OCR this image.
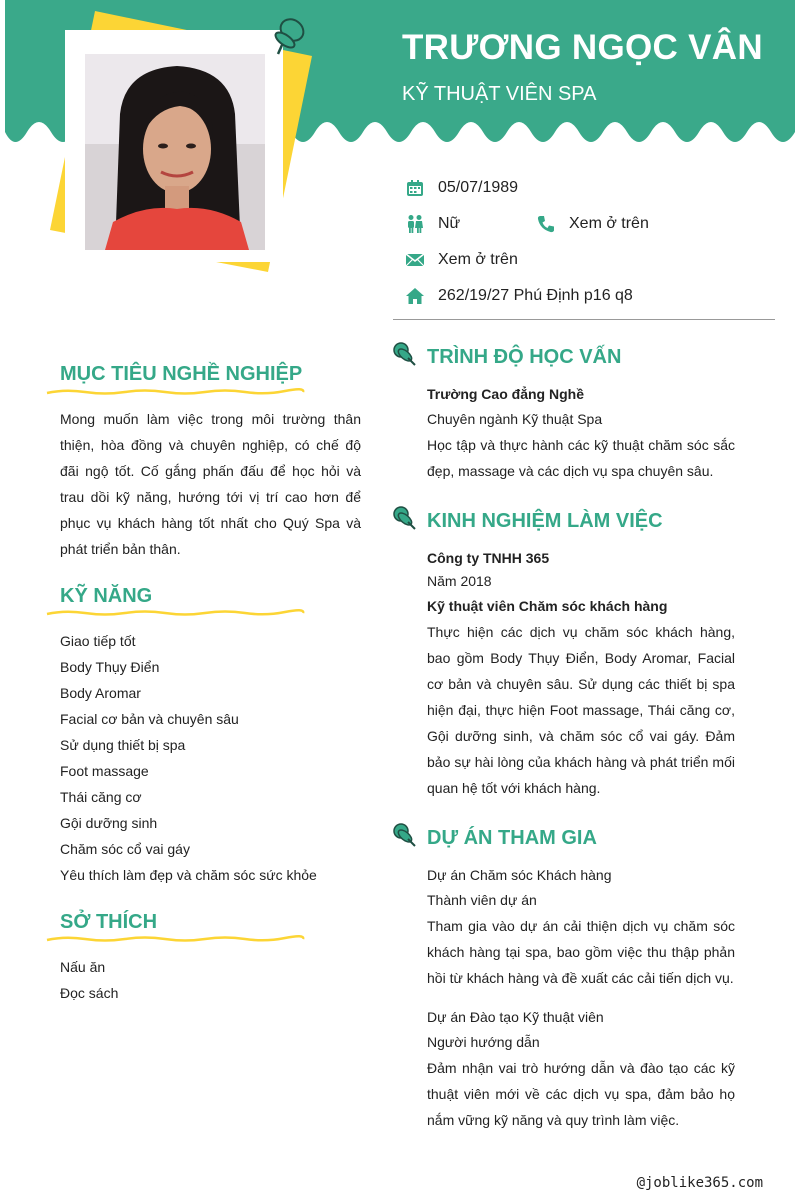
TRƯƠNG NGỌC VÂN
KỸ THUẬT VIÊN SPA
05/07/1989
Nữ	Xem ở trên
Xem ở trên
262/19/27 Phú Định p16 q8
MỤC TIÊU NGHỀ NGHIỆP
Mong muốn làm việc trong môi trường thân thiện, hòa đồng và chuyên nghiệp, có chế độ đãi ngộ tốt. Cố gắng phấn đấu để học hỏi và trau dồi kỹ năng, hướng tới vị trí cao hơn để phục vụ khách hàng tốt nhất cho Quý Spa và phát triển bản thân.
KỸ NĂNG
Giao tiếp tốt
Body Thụy Điển
Body Aromar
Facial cơ bản và chuyên sâu
Sử dụng thiết bị spa
Foot massage
Thái căng cơ
Gội dưỡng sinh
Chăm sóc cổ vai gáy
Yêu thích làm đẹp và chăm sóc sức khỏe
SỞ THÍCH
Nấu ăn
Đọc sách
TRÌNH ĐỘ HỌC VẤN
Trường Cao đẳng Nghề
Chuyên ngành Kỹ thuật Spa
Học tập và thực hành các kỹ thuật chăm sóc sắc đẹp, massage và các dịch vụ spa chuyên sâu.
KINH NGHIỆM LÀM VIỆC
Công ty TNHH 365
Năm 2018
Kỹ thuật viên Chăm sóc khách hàng
Thực hiện các dịch vụ chăm sóc khách hàng, bao gồm Body Thụy Điển, Body Aromar, Facial cơ bản và chuyên sâu. Sử dụng các thiết bị spa hiện đại, thực hiện Foot massage, Thái căng cơ, Gội dưỡng sinh, và chăm sóc cổ vai gáy. Đảm bảo sự hài lòng của khách hàng và phát triển mối quan hệ tốt với khách hàng.
DỰ ÁN THAM GIA
Dự án Chăm sóc Khách hàng
Thành viên dự án
Tham gia vào dự án cải thiện dịch vụ chăm sóc khách hàng tại spa, bao gồm việc thu thập phản hồi từ khách hàng và đề xuất các cải tiến dịch vụ.
Dự án Đào tạo Kỹ thuật viên
Người hướng dẫn
Đảm nhận vai trò hướng dẫn và đào tạo các kỹ thuật viên mới về các dịch vụ spa, đảm bảo họ nắm vững kỹ năng và quy trình làm việc.
@joblike365.com
